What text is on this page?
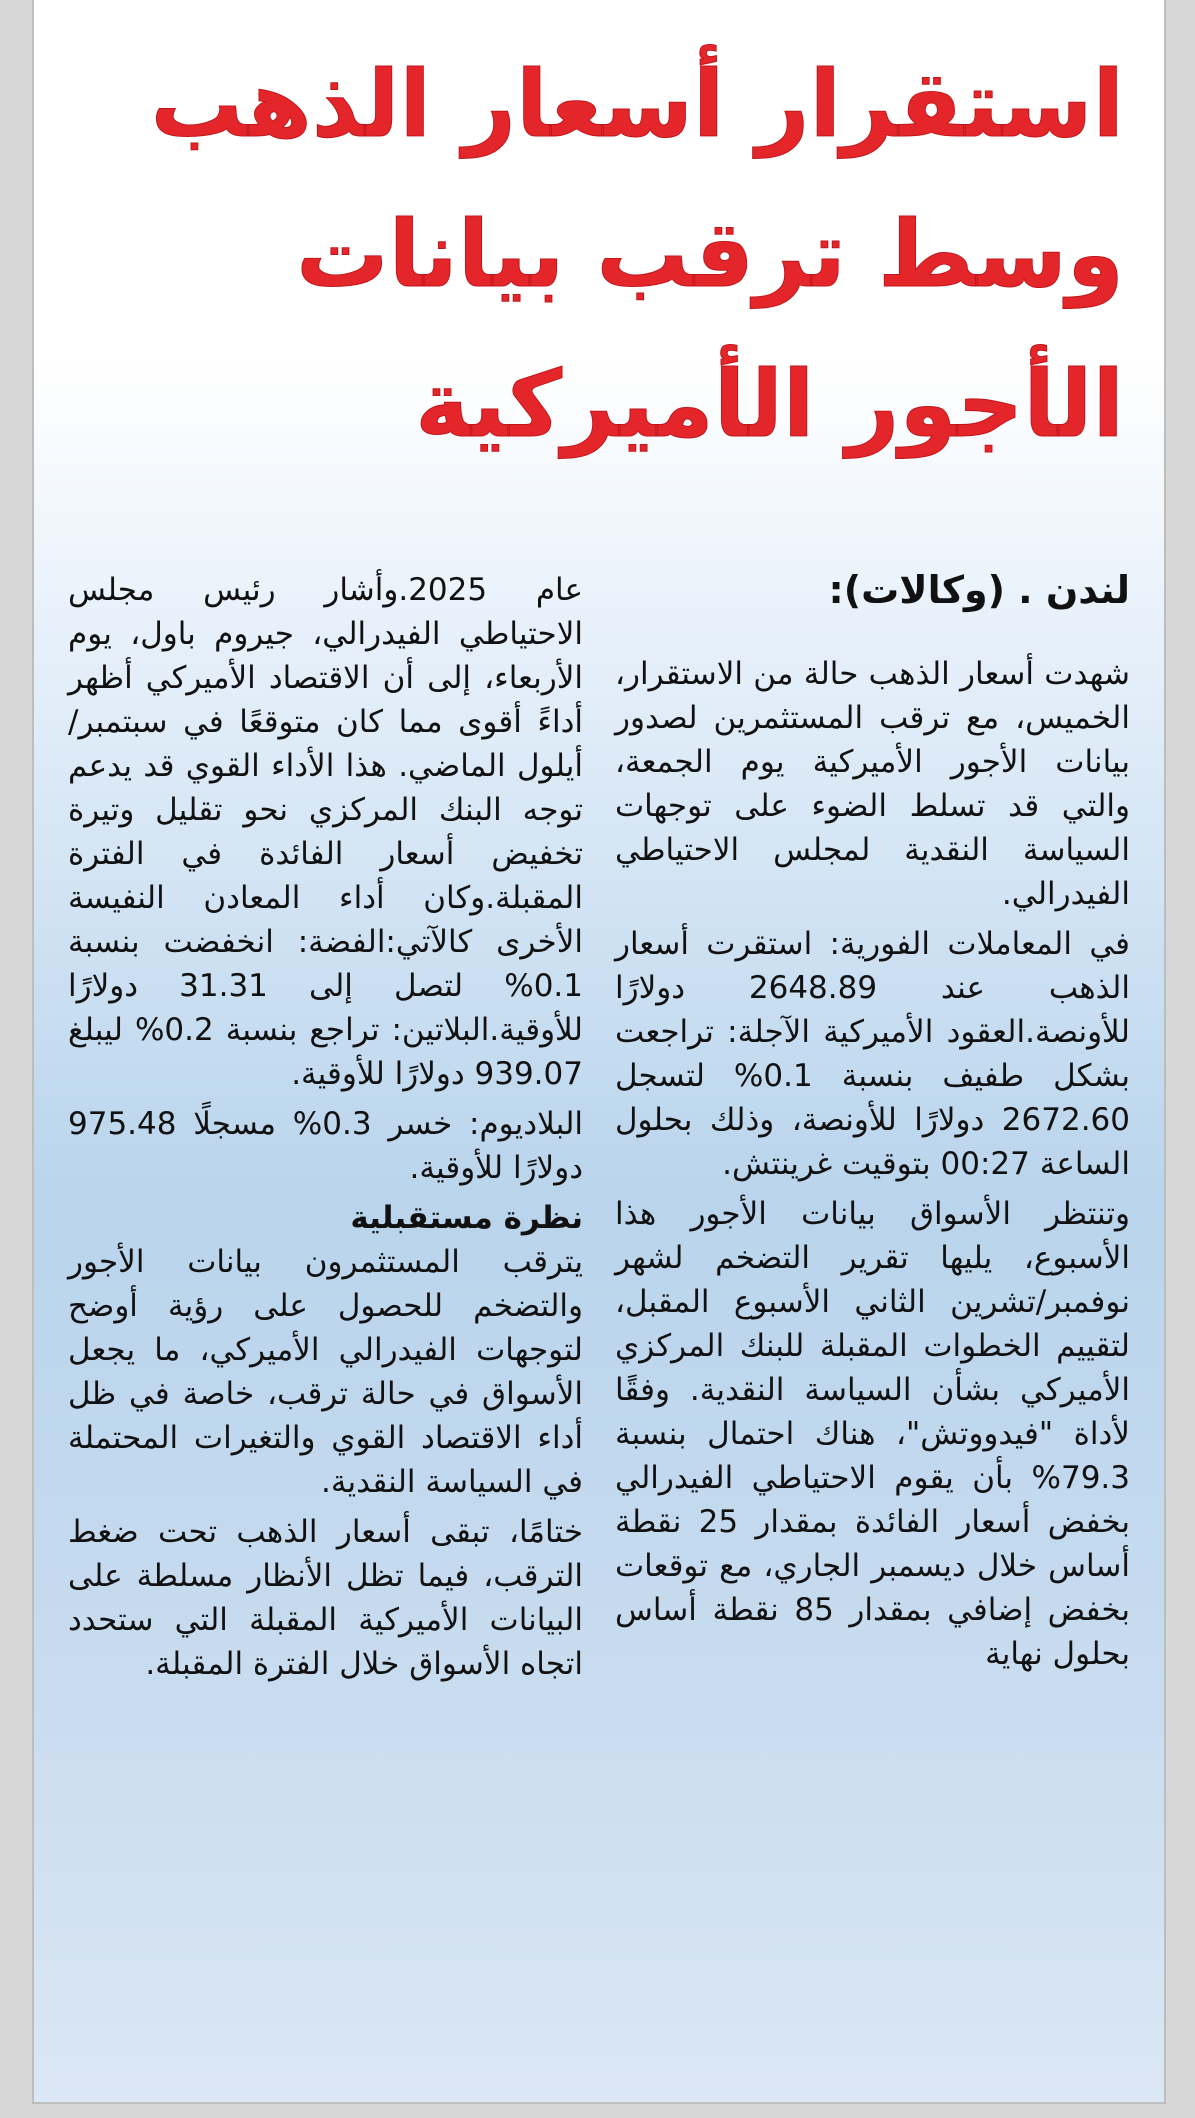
استقرار أسعار الذهب وسط ترقب بيانات الأجور الأميركية

لندن . (وكالات):

شهدت أسعار الذهب حالة من الاستقرار، الخميس، مع ترقب المستثمرين لصدور بيانات الأجور الأميركية يوم الجمعة، والتي قد تسلط الضوء على توجهات السياسة النقدية لمجلس الاحتياطي الفيدرالي.

في المعاملات الفورية: استقرت أسعار الذهب عند 2648.89 دولارًا للأونصة.العقود الأميركية الآجلة: تراجعت بشكل طفيف بنسبة 0.1% لتسجل 2672.60 دولارًا للأونصة، وذلك بحلول الساعة 00:27 بتوقيت غرينتش.

وتنتظر الأسواق بيانات الأجور هذا الأسبوع، يليها تقرير التضخم لشهر نوفمبر/تشرين الثاني الأسبوع المقبل، لتقييم الخطوات المقبلة للبنك المركزي الأميركي بشأن السياسة النقدية. وفقًا لأداة "فيدووتش"، هناك احتمال بنسبة 79.3% بأن يقوم الاحتياطي الفيدرالي بخفض أسعار الفائدة بمقدار 25 نقطة أساس خلال ديسمبر الجاري، مع توقعات بخفض إضافي بمقدار 85 نقطة أساس بحلول نهاية

عام 2025.وأشار رئيس مجلس الاحتياطي الفيدرالي، جيروم باول، يوم الأربعاء، إلى أن الاقتصاد الأميركي أظهر أداءً أقوى مما كان متوقعًا في سبتمبر/أيلول الماضي. هذا الأداء القوي قد يدعم توجه البنك المركزي نحو تقليل وتيرة تخفيض أسعار الفائدة في الفترة المقبلة.وكان أداء المعادن النفيسة الأخرى كالآتي:الفضة: انخفضت بنسبة 0.1% لتصل إلى 31.31 دولارًا للأوقية.البلاتين: تراجع بنسبة 0.2% ليبلغ 939.07 دولارًا للأوقية.

البلاديوم: خسر 0.3% مسجلًا 975.48 دولارًا للأوقية.

نظرة مستقبلية

يترقب المستثمرون بيانات الأجور والتضخم للحصول على رؤية أوضح لتوجهات الفيدرالي الأميركي، ما يجعل الأسواق في حالة ترقب، خاصة في ظل أداء الاقتصاد القوي والتغيرات المحتملة في السياسة النقدية.

ختامًا، تبقى أسعار الذهب تحت ضغط الترقب، فيما تظل الأنظار مسلطة على البيانات الأميركية المقبلة التي ستحدد اتجاه الأسواق خلال الفترة المقبلة.
